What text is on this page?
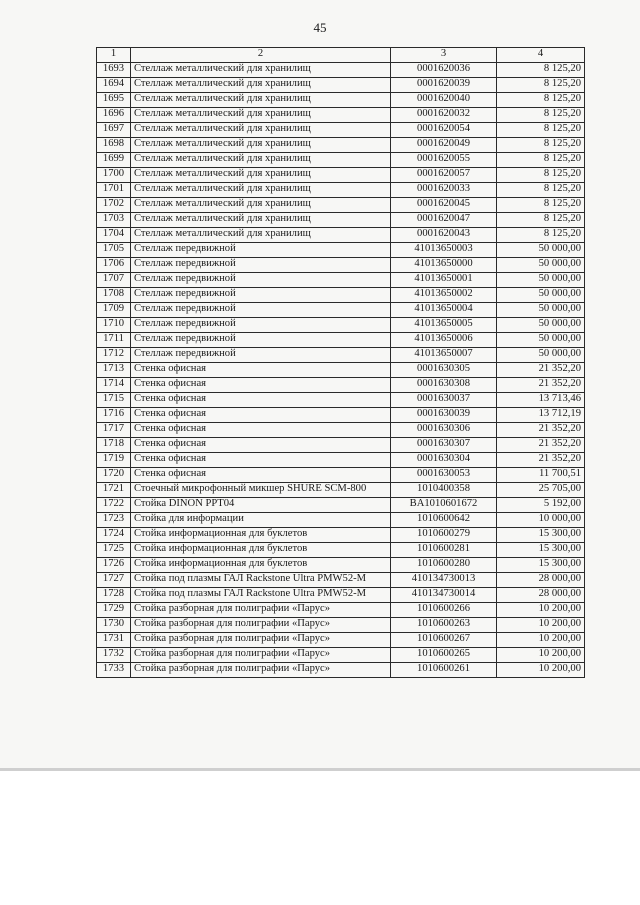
45
1	2	3	4
1693	Стеллаж металлический для хранилищ	0001620036	8 125,20
1694	Стеллаж металлический для хранилищ	0001620039	8 125,20
1695	Стеллаж металлический для хранилищ	0001620040	8 125,20
1696	Стеллаж металлический для хранилищ	0001620032	8 125,20
1697	Стеллаж металлический для хранилищ	0001620054	8 125,20
1698	Стеллаж металлический для хранилищ	0001620049	8 125,20
1699	Стеллаж металлический для хранилищ	0001620055	8 125,20
1700	Стеллаж металлический для хранилищ	0001620057	8 125,20
1701	Стеллаж металлический для хранилищ	0001620033	8 125,20
1702	Стеллаж металлический для хранилищ	0001620045	8 125,20
1703	Стеллаж металлический для хранилищ	0001620047	8 125,20
1704	Стеллаж металлический для хранилищ	0001620043	8 125,20
1705	Стеллаж передвижной	41013650003	50 000,00
1706	Стеллаж передвижной	41013650000	50 000,00
1707	Стеллаж передвижной	41013650001	50 000,00
1708	Стеллаж передвижной	41013650002	50 000,00
1709	Стеллаж передвижной	41013650004	50 000,00
1710	Стеллаж передвижной	41013650005	50 000,00
1711	Стеллаж передвижной	41013650006	50 000,00
1712	Стеллаж передвижной	41013650007	50 000,00
1713	Стенка офисная	0001630305	21 352,20
1714	Стенка офисная	0001630308	21 352,20
1715	Стенка офисная	0001630037	13 713,46
1716	Стенка офисная	0001630039	13 712,19
1717	Стенка офисная	0001630306	21 352,20
1718	Стенка офисная	0001630307	21 352,20
1719	Стенка офисная	0001630304	21 352,20
1720	Стенка офисная	0001630053	11 700,51
1721	Стоечный микрофонный микшер SHURE SCM-800	1010400358	25 705,00
1722	Стойка DINON PPT04	BA1010601672	5 192,00
1723	Стойка для информации	1010600642	10 000,00
1724	Стойка информационная для буклетов	1010600279	15 300,00
1725	Стойка информационная для буклетов	1010600281	15 300,00
1726	Стойка информационная для буклетов	1010600280	15 300,00
1727	Стойка под плазмы ГАЛ Rackstone Ultra PMW52-M	410134730013	28 000,00
1728	Стойка под плазмы ГАЛ Rackstone Ultra PMW52-M	410134730014	28 000,00
1729	Стойка разборная для полиграфии «Парус»	1010600266	10 200,00
1730	Стойка разборная для полиграфии «Парус»	1010600263	10 200,00
1731	Стойка разборная для полиграфии «Парус»	1010600267	10 200,00
1732	Стойка разборная для полиграфии «Парус»	1010600265	10 200,00
1733	Стойка разборная для полиграфии «Парус»	1010600261	10 200,00
